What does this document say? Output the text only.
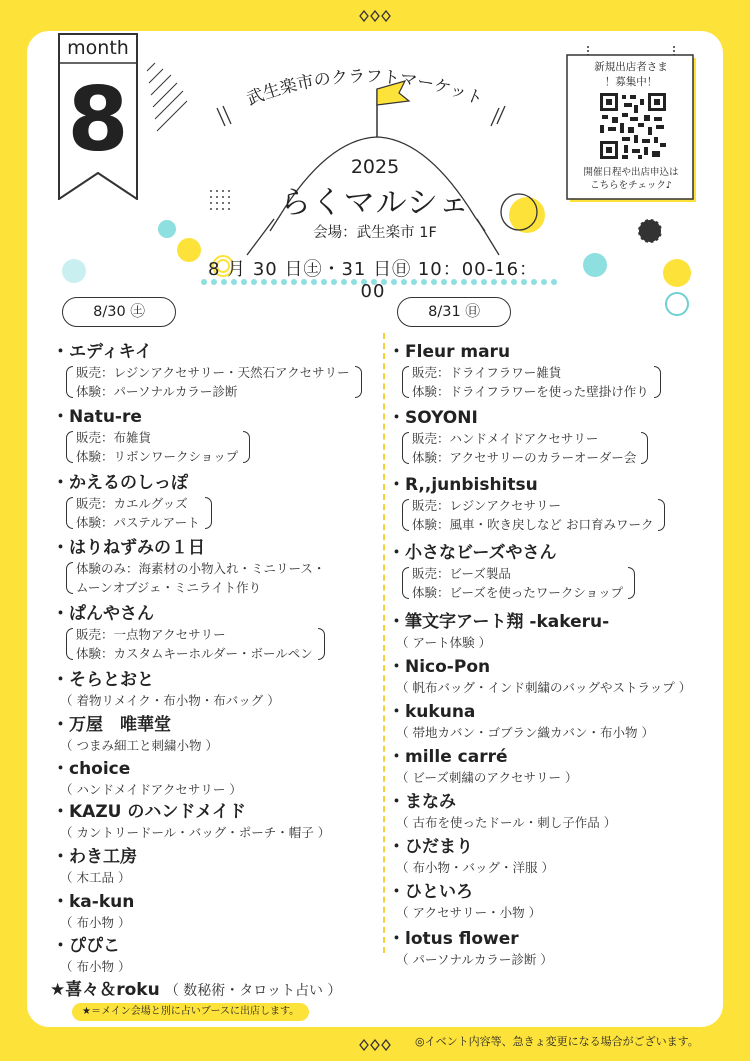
month
8	武生楽市のクラフトマーケット
2025
らくマルシェ
会場：武生楽市 1F
8 月 30 日㊏・31 日㊐ 10：00-16：00
新規出店者さま
！募集中！
開催日程や出店申込は
こちらをチェック♪
8/30 ㊏	8/31 ㊐
・エディキイ
販売：レジンアクセサリー・天然石アクセサリー
体験：パーソナルカラー診断
・Natu-re
販売：布雑貨
体験：リボンワークショップ
・かえるのしっぽ
販売：カエルグッズ
体験：パステルアート
・はりねずみの１日
体験のみ：海素材の小物入れ・ミニリース・
ムーンオブジェ・ミニライト作り
・ぱんやさん
販売：一点物アクセサリー
体験：カスタムキーホルダー・ボールペン
・そらとおと
（ 着物リメイク・布小物・布バッグ ）
・万屋　唯華堂
（ つまみ細工と刺繍小物 ）
・choice
（ ハンドメイドアクセサリー ）
・KAZU のハンドメイド
（ カントリードール・バッグ・ポーチ・帽子 ）
・わき工房
（ 木工品 ）
・ka-kun
（ 布小物 ）
・ぴぴこ
（ 布小物 ）
★喜々＆roku （ 数秘術・タロット占い ）
★＝メイン会場と別に占いブースに出店します。
・Fleur maru
販売：ドライフラワー雑貨
体験：ドライフラワーを使った壁掛け作り
・SOYONI
販売：ハンドメイドアクセサリー
体験：アクセサリーのカラーオーダー会
・R,,junbishitsu
販売：レジンアクセサリー
体験：風車・吹き戻しなど お口育みワーク
・小さなビーズやさん
販売：ビーズ製品
体験：ビーズを使ったワークショップ
・筆文字アート翔 -kakeru-
（ アート体験 ）
・Nico-Pon
（ 帆布バッグ・インド刺繍のバッグやストラップ ）
・kukuna
（ 帯地カバン・ゴブラン織カバン・布小物 ）
・mille carré
（ ビーズ刺繍のアクセサリー ）
・まなみ
（ 古布を使ったドール・刺し子作品 ）
・ひだまり
（ 布小物・バッグ・洋服 ）
・ひといろ
（ アクセサリー・小物 ）
・lotus flower
（ パーソナルカラー診断 ）
◎イベント内容等、急きょ変更になる場合がございます。
